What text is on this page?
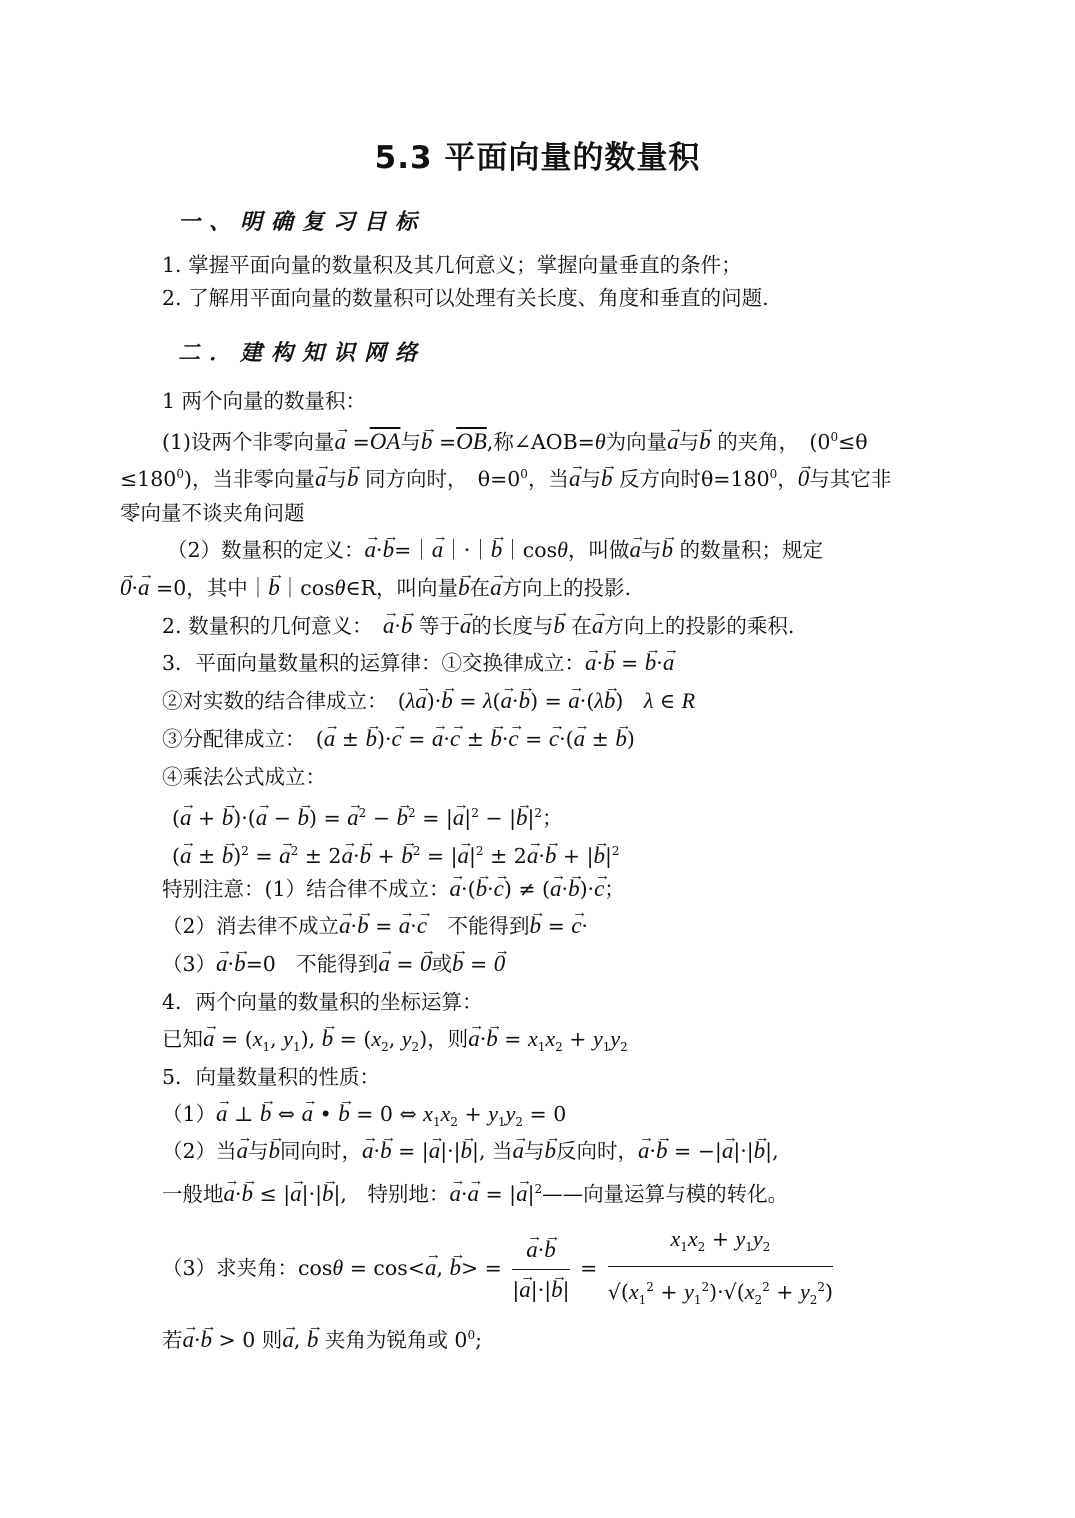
5.3 平面向量的数量积
一、明确复习目标
1. 掌握平面向量的数量积及其几何意义；掌握向量垂直的条件；
2. 了解用平面向量的数量积可以处理有关长度、角度和垂直的问题.
二．建构知识网络
1 两个向量的数量积：
(1)设两个非零向量→ $a =\overline{OA}$与→ $b =\overline{OB}$,称∠AOB=θ为向量→ a与→ b 的夹角，　($0^0\le\theta$
$\le 180^0$)，当非零向量→ a与→ b 同方向时，　$\theta=0^0$，当→ a与→ b 反方向时$\theta=180^0$，→ 0与其它非
零向量不谈夹角问题
（2）数量积的定义：→ a·→ b=｜→ a｜·｜→ b｜cosθ，叫做→ a与→ b 的数量积；规定
→ 0·→ a =0，其中｜→ b｜cosθ∈R，叫向量→ b在→ a方向上的投影.
2. 数量积的几何意义：　 → a·→ b 等于→ a的长度与→ b 在→ a方向上的投影的乘积.
3．平面向量数量积的运算律：①交换律成立：→ a·→ b = → b·→ a
②对实数的结合律成立：　(λ→ a)·→ b = λ(→ a·→ b) = → a·(λ→ b)　λ ∈ R
③分配律成立：　(→ a ± → b)·→ c = → a·→ c ± → b·→ c = → c·(→ a ± → b)
④乘法公式成立：
(→ a + → b)·(→ a − → b) = → $a^2$ − → $b^2$ = |→ $a|^2$ − |→ $b|^2$；
(→ a ± → b)$^2$ = → $a^2 \pm 2\to a\cdot\to b$ + → $b^2$ = |→ $a|^2 \pm 2\to a\cdot\to b$ + |→ $b|^2$
特别注意：(1）结合律不成立：→ a·(→ b·→ c) ≠ (→ a·→ b)·→ c；
（2）消去律不成立→ a·→ b = → a·→ c　 不能得到→ b = → c·
（3）→ a·→ b=0　不能得到→ a = → 0或→ b = → 0
4．两个向量的数量积的坐标运算：
已知→ $a = (x_1$, $y_1$), → $b = (x_2$, $y_2$)，则→ $a\cdot\to b = x_1x_2 + y_1y_2$
5．向量数量积的性质：
（1）→ a ⊥ → b ⇔ → a • → b = 0 ⇔ $x_1x_2 + y_1y_2 = 0$
（2）当→ a与→ b同向时，→ a·→ b = |→ a|·|→ b|, 当→ a与→ b反向时，→ a·→ b = −|→ a|·|→ b|,
一般地→ a·→ b ≤ |→ a|·|→ b|,　特别地：→ a·→ a = |→ $a|^2——$向量运算与模的转化。
（3）求夹角：cosθ = cos<→ a, → b> = → $\frac{a\cdot\to b}{|\to a|\cdot|\to b|} = \frac{x_1x_2 + y_1y_2}{√(x_1^2 + y_1^2)\cdot√(x_2^2 + y_2^2)}$
若→ a·→ b > 0 则→ a, → b 夹角为锐角或 $0^0$;
